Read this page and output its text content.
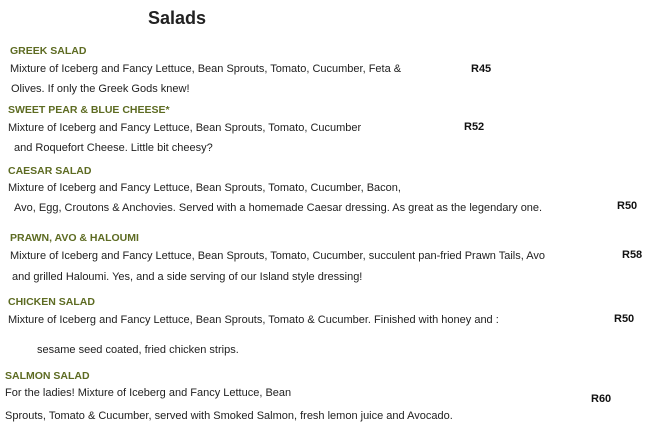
Salads
GREEK SALAD
Mixture of Iceberg and Fancy Lettuce, Bean Sprouts, Tomato, Cucumber, Feta &
Olives. If only the Greek Gods knew!
R45
SWEET PEAR & BLUE CHEESE*
Mixture of Iceberg and Fancy Lettuce, Bean Sprouts, Tomato, Cucumber
and Roquefort Cheese. Little bit cheesy?
R52
CAESAR SALAD
Mixture of Iceberg and Fancy Lettuce, Bean Sprouts, Tomato, Cucumber, Bacon,
Avo, Egg, Croutons & Anchovies. Served with a homemade Caesar dressing. As great as the legendary one.	R50
PRAWN, AVO & HALOUMI
Mixture of Iceberg and Fancy Lettuce, Bean Sprouts, Tomato, Cucumber, succulent pan-fried Prawn Tails, Avo
and grilled Haloumi. Yes, and a side serving of our Island style dressing!
R58
CHICKEN SALAD
Mixture of Iceberg and Fancy Lettuce, Bean Sprouts, Tomato & Cucumber. Finished with honey and :
sesame seed coated, fried chicken strips.
R50
SALMON SALAD
For the ladies! Mixture of Iceberg and Fancy Lettuce, Bean
Sprouts, Tomato & Cucumber, served with Smoked Salmon, fresh lemon juice and Avocado.
R60
